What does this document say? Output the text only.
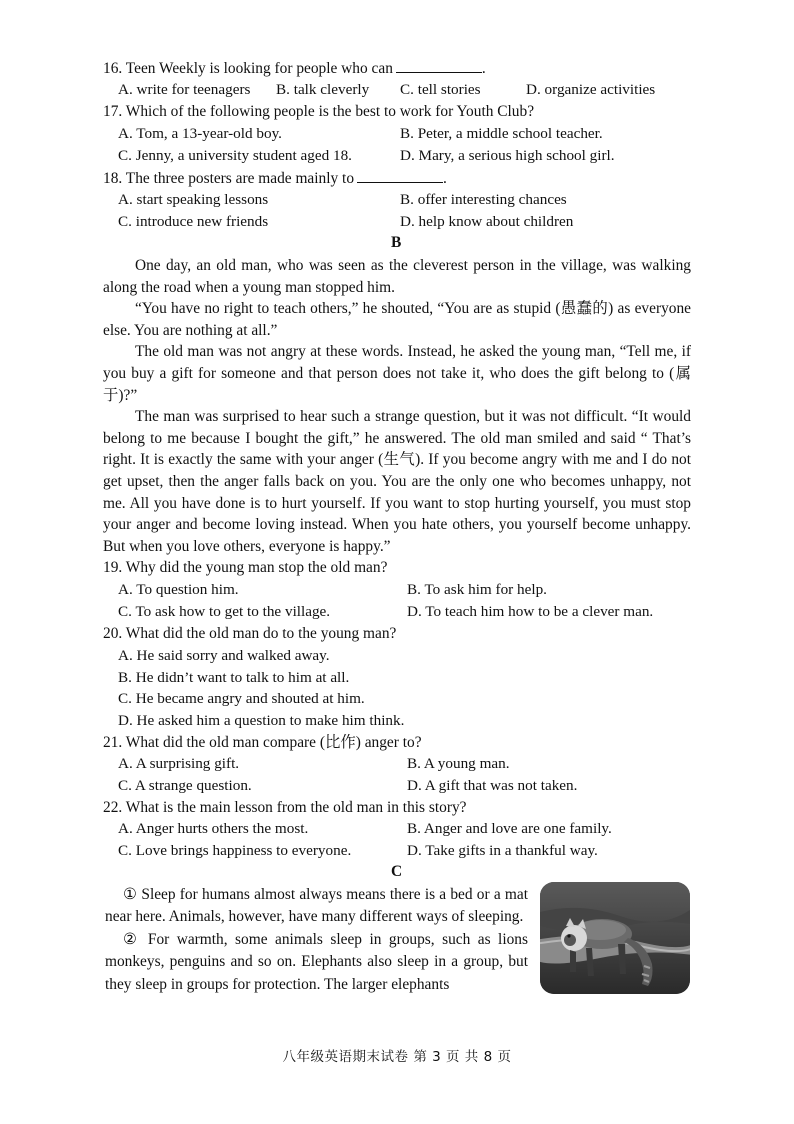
16. Teen Weekly is looking for people who can	.
A. write for teenagers B. talk cleverly C. tell stories	D. organize activities
17. Which of the following people is the best to work for Youth Club?
A. Tom, a 13-year-old boy.	B. Peter, a middle school teacher.
C. Jenny, a university student aged 18.	D. Mary, a serious high school girl.
18. The three posters are made mainly to	.
A. start speaking lessons	B. offer interesting chances
C. introduce new friends	D. help know about children
B

One day, an old man, who was seen as the cleverest person in the village, was walking along the road when a young man stopped him.

“You have no right to teach others,” he shouted, “You are as stupid (愚蠢的) as everyone else. You are nothing at all.”

The old man was not angry at these words. Instead, he asked the young man, “Tell me, if you buy a gift for someone and that person does not take it, who does the gift belong to (属于)?”

The man was surprised to hear such a strange question, but it was not difficult. “It would belong to me because I bought the gift,” he answered. The old man smiled and said “ That’s right. It is exactly the same with your anger (生气). If you become angry with me and I do not get upset, then the anger falls back on you. You are the only one who becomes unhappy, not me. All you have done is to hurt yourself. If you want to stop hurting yourself, you must stop your anger and become loving instead. When you hate others, you yourself become unhappy. But when you love others, everyone is happy.”

19. Why did the young man stop the old man?
A. To question him.	B. To ask him for help.
C. To ask how to get to the village.	D. To teach him how to be a clever man.
20. What did the old man do to the young man?
A. He said sorry and walked away.
B. He didn’t want to talk to him at all.
C. He became angry and shouted at him.
D. He asked him a question to make him think.
21. What did the old man compare (比作) anger to?
A. A surprising gift.	B. A young man.
C. A strange question.	D. A gift that was not taken.
22. What is the main lesson from the old man in this story?
A. Anger hurts others the most.	B. Anger and love are one family.
C. Love brings happiness to everyone.	D. Take gifts in a thankful way.
C

① Sleep for humans almost always means there is a bed or a mat near here. Animals, however, have many different ways of sleeping.

② For warmth, some animals sleep in groups, such as lions monkeys, penguins and so on. Elephants also sleep in a group, but they sleep in groups for protection. The larger elephants

八年级英语期末试卷 第 3 页 共 8 页
